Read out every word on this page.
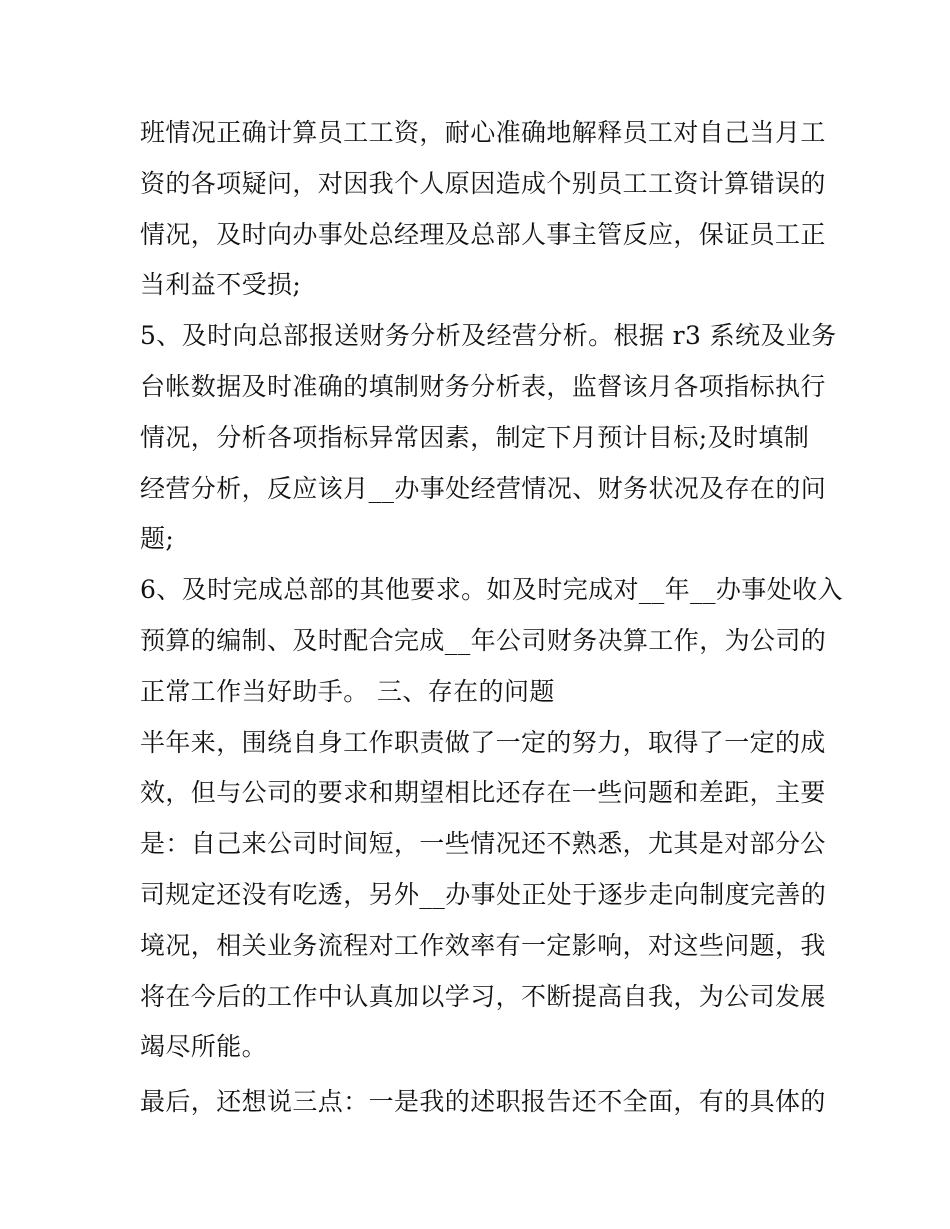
班情况正确计算员工工资，耐心准确地解释员工对自己当月工
资的各项疑问，对因我个人原因造成个别员工工资计算错误的
情况，及时向办事处总经理及总部人事主管反应，保证员工正
当利益不受损;
5、及时向总部报送财务分析及经营分析。根据 r3 系统及业务
台帐数据及时准确的填制财务分析表，监督该月各项指标执行
情况，分析各项指标异常因素，制定下月预计目标;及时填制
经营分析，反应该月__办事处经营情况、财务状况及存在的问
题;
6、及时完成总部的其他要求。如及时完成对__年__办事处收入
预算的编制、及时配合完成__年公司财务决算工作，为公司的
正常工作当好助手。 三、存在的问题
半年来，围绕自身工作职责做了一定的努力，取得了一定的成
效，但与公司的要求和期望相比还存在一些问题和差距，主要
是：自己来公司时间短，一些情况还不熟悉，尤其是对部分公
司规定还没有吃透，另外__办事处正处于逐步走向制度完善的
境况，相关业务流程对工作效率有一定影响，对这些问题，我
将在今后的工作中认真加以学习，不断提高自我，为公司发展
竭尽所能。
最后，还想说三点：一是我的述职报告还不全面，有的具体的
